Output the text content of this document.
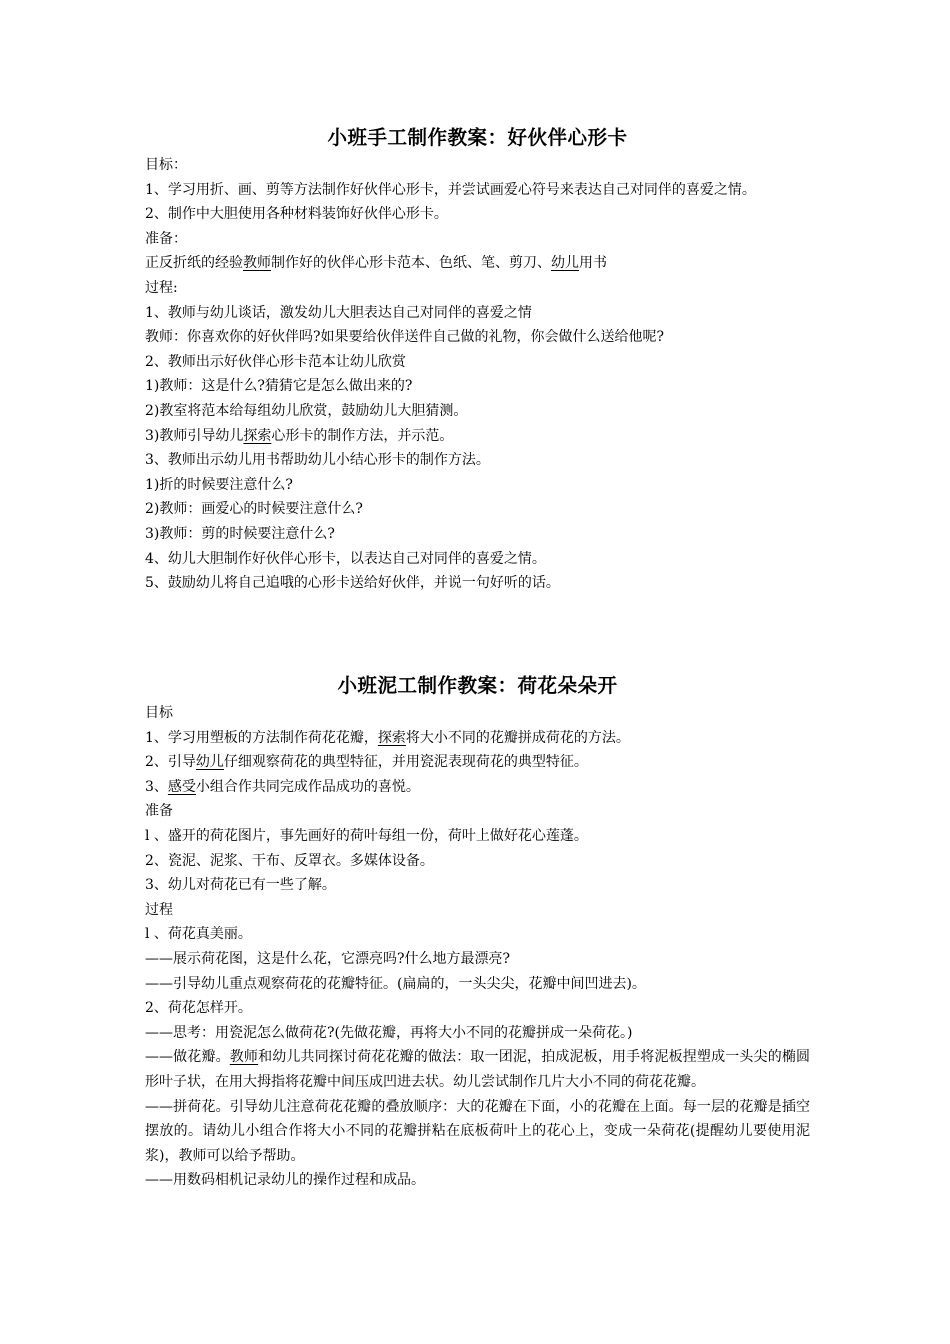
小班手工制作教案：好伙伴心形卡
目标：
1、学习用折、画、剪等方法制作好伙伴心形卡，并尝试画爱心符号来表达自己对同伴的喜爱之情。
2、制作中大胆使用各种材料装饰好伙伴心形卡。
准备：
正反折纸的经验教师制作好的伙伴心形卡范本、色纸、笔、剪刀、幼儿用书
过程:
1、教师与幼儿谈话，激发幼儿大胆表达自己对同伴的喜爱之情
教师：你喜欢你的好伙伴吗?如果要给伙伴送件自己做的礼物，你会做什么送给他呢?
2、教师出示好伙伴心形卡范本让幼儿欣赏
1)教师：这是什么?猜猜它是怎么做出来的?
2)教室将范本给每组幼儿欣赏，鼓励幼儿大胆猜测。
3)教师引导幼儿探索心形卡的制作方法，并示范。
3、教师出示幼儿用书帮助幼儿小结心形卡的制作方法。
1)折的时候要注意什么?
2)教师：画爱心的时候要注意什么?
3)教师：剪的时候要注意什么?
4、幼儿大胆制作好伙伴心形卡，以表达自己对同伴的喜爱之情。
5、鼓励幼儿将自己追哦的心形卡送给好伙伴，并说一句好听的话。
小班泥工制作教案：荷花朵朵开
目标
1、学习用塑板的方法制作荷花花瓣，探索将大小不同的花瓣拼成荷花的方法。
2、引导幼儿仔细观察荷花的典型特征，并用瓷泥表现荷花的典型特征。
3、感受小组合作共同完成作品成功的喜悦。
准备
l 、盛开的荷花图片，事先画好的荷叶每组一份，荷叶上做好花心莲蓬。
2、瓷泥、泥浆、干布、反罩衣。多媒体设备。
3、幼儿对荷花已有一些了解。
过程
l 、荷花真美丽。
——展示荷花图，这是什么花，它漂亮吗?什么地方最漂亮?
——引导幼儿重点观察荷花的花瓣特征。(扁扁的，一头尖尖，花瓣中间凹进去)。
2、荷花怎样开。
——思考：用瓷泥怎么做荷花?(先做花瓣，再将大小不同的花瓣拼成一朵荷花。)
——做花瓣。教师和幼儿共同探讨荷花花瓣的做法：取一团泥，拍成泥板，用手将泥板捏塑成一头尖的椭圆形叶子状，在用大拇指将花瓣中间压成凹进去状。幼儿尝试制作几片大小不同的荷花花瓣。
——拼荷花。引导幼儿注意荷花花瓣的叠放顺序：大的花瓣在下面，小的花瓣在上面。每一层的花瓣是插空摆放的。请幼儿小组合作将大小不同的花瓣拼粘在底板荷叶上的花心上，变成一朵荷花(提醒幼儿要使用泥浆)，教师可以给予帮助。
——用数码相机记录幼儿的操作过程和成品。
